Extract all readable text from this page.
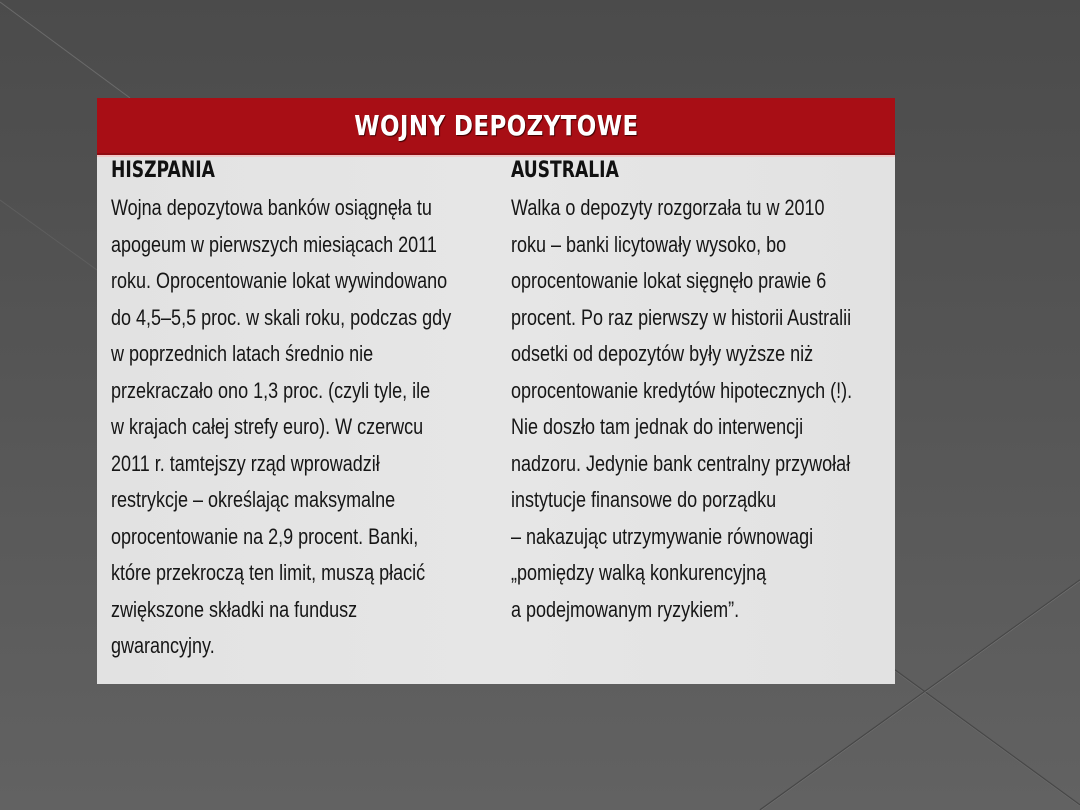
WOJNY DEPOZYTOWE
HISZPANIA
Wojna depozytowa banków osiągnęła tu
apogeum w pierwszych miesiącach 2011
roku. Oprocentowanie lokat wywindowano
do 4,5–5,5 proc. w skali roku, podczas gdy
w poprzednich latach średnio nie
przekraczało ono 1,3 proc. (czyli tyle, ile
w krajach całej strefy euro). W czerwcu
2011 r. tamtejszy rząd wprowadził
restrykcje – określając maksymalne
oprocentowanie na 2,9 procent. Banki,
które przekroczą ten limit, muszą płacić
zwiększone składki na fundusz
gwarancyjny.
AUSTRALIA
Walka o depozyty rozgorzała tu w 2010
roku – banki licytowały wysoko, bo
oprocentowanie lokat sięgnęło prawie 6
procent. Po raz pierwszy w historii Australii
odsetki od depozytów były wyższe niż
oprocentowanie kredytów hipotecznych (!).
Nie doszło tam jednak do interwencji
nadzoru. Jedynie bank centralny przywołał
instytucje finansowe do porządku
– nakazując utrzymywanie równowagi
„pomiędzy walką konkurencyjną
a podejmowanym ryzykiem”.
